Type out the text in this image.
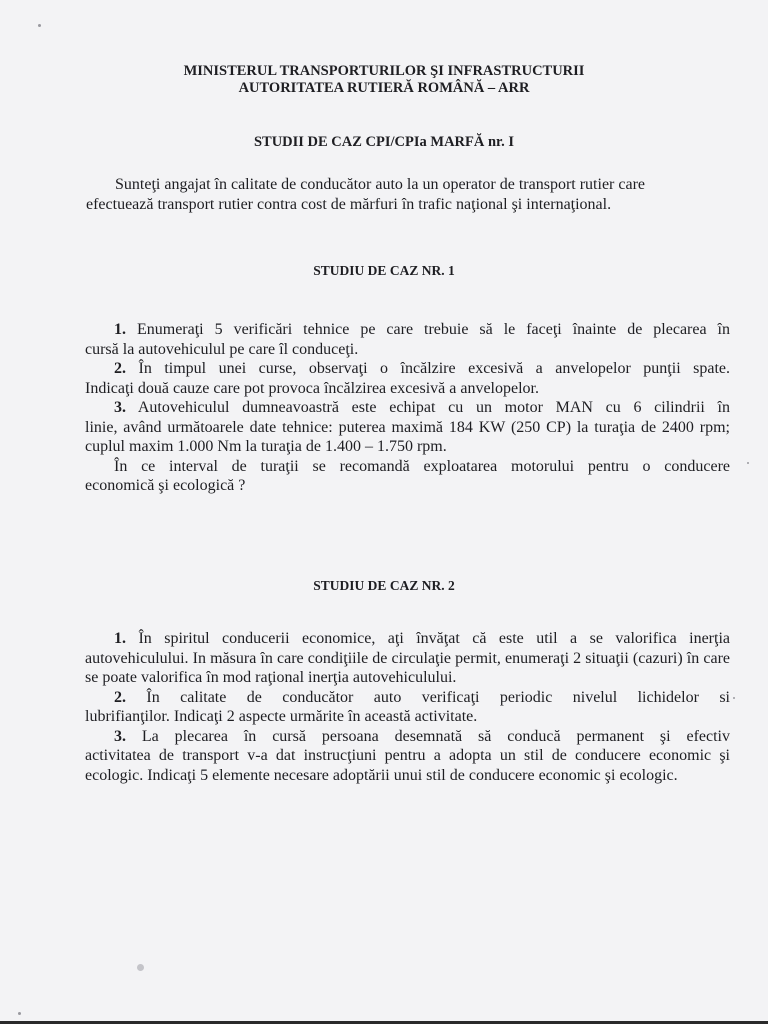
MINISTERUL TRANSPORTURILOR ŞI INFRASTRUCTURII
AUTORITATEA RUTIERĂ ROMÂNĂ – ARR
STUDII DE CAZ CPI/CPIa MARFĂ nr. I
Sunteţi angajat în calitate de conducător auto la un operator de transport rutier care
efectuează transport rutier contra cost de mărfuri în trafic naţional şi internaţional.
STUDIU DE CAZ NR. 1
1. Enumeraţi 5 verificări tehnice pe care trebuie să le faceţi înainte de plecarea în
cursă la autovehiculul pe care îl conduceţi.
2. În timpul unei curse, observaţi o încălzire excesivă a anvelopelor punţii spate.
Indicaţi două cauze care pot provoca încălzirea excesivă a anvelopelor.
3. Autovehiculul dumneavoastră este echipat cu un motor MAN cu 6 cilindrii în
linie, având următoarele date tehnice: puterea maximă 184 KW (250 CP) la turaţia de 2400 rpm; cuplul maxim 1.000 Nm la turaţia de 1.400 – 1.750 rpm.
În ce interval de turaţii se recomandă exploatarea motorului pentru o conducere
economică şi ecologică ?
STUDIU DE CAZ NR. 2
1. În spiritul conducerii economice, aţi învăţat că este util a se valorifica inerţia
autovehiculului. In măsura în care condiţiile de circulaţie permit, enumeraţi 2 situaţii (cazuri) în care se poate valorifica în mod raţional inerţia autovehiculului.
2. În calitate de conducător auto verificaţi periodic nivelul lichidelor si
lubrifianţilor. Indicaţi 2 aspecte urmărite în această activitate.
3. La plecarea în cursă persoana desemnată să conducă permanent şi efectiv
activitatea de transport v-a dat instrucţiuni pentru a adopta un stil de conducere economic şi ecologic. Indicaţi 5 elemente necesare adoptării unui stil de conducere economic şi ecologic.
